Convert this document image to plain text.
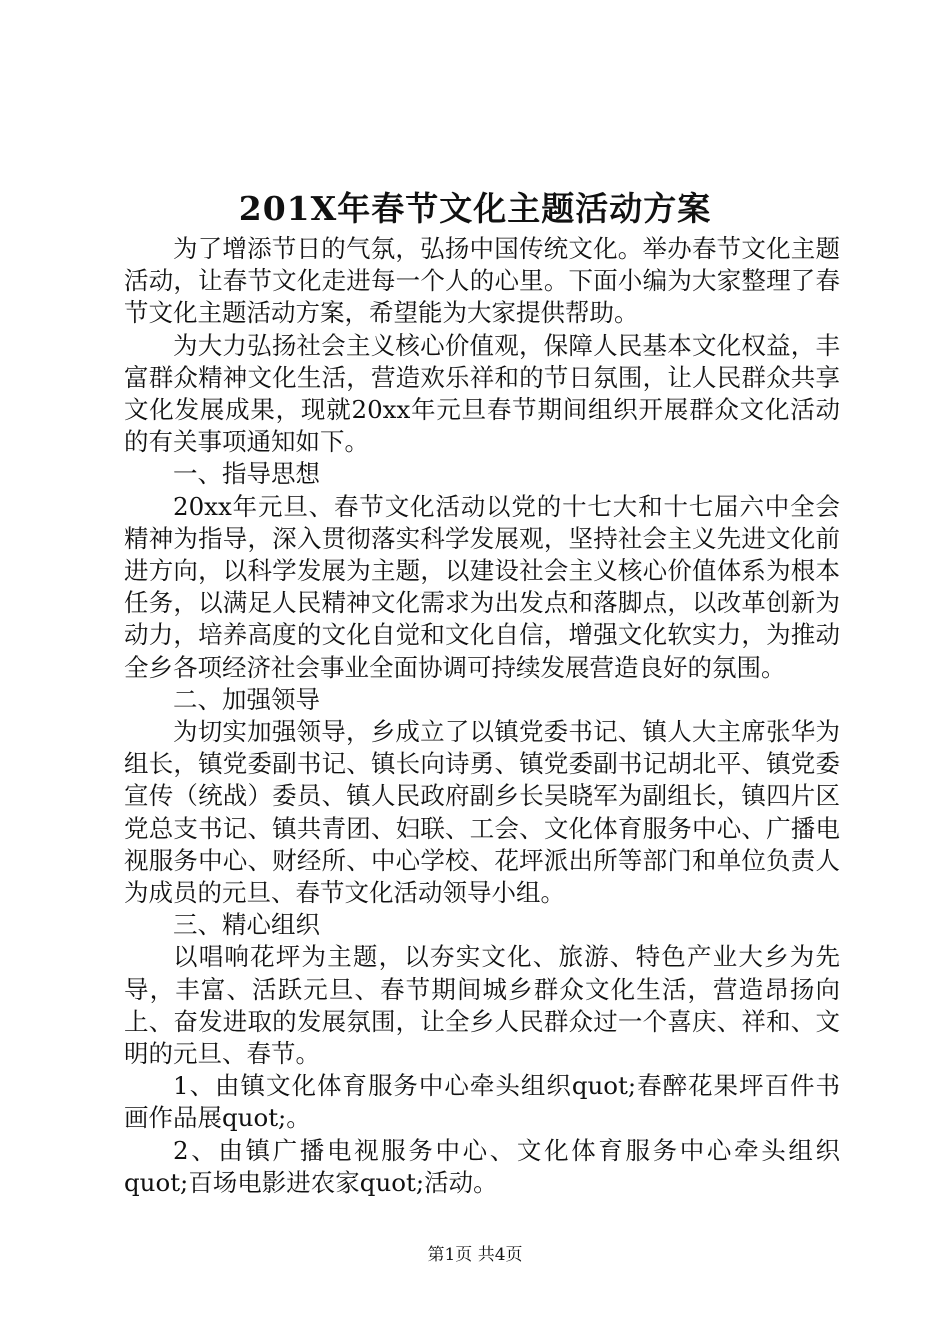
201X年春节文化主题活动方案

为了增添节日的气氛，弘扬中国传统文化。举办春节文化主题活动，让春节文化走进每一个人的心里。下面小编为大家整理了春节文化主题活动方案，希望能为大家提供帮助。

为大力弘扬社会主义核心价值观，保障人民基本文化权益，丰富群众精神文化生活，营造欢乐祥和的节日氛围，让人民群众共享文化发展成果，现就20xx年元旦春节期间组织开展群众文化活动的有关事项通知如下。

一、指导思想

20xx年元旦、春节文化活动以党的十七大和十七届六中全会精神为指导，深入贯彻落实科学发展观，坚持社会主义先进文化前进方向，以科学发展为主题，以建设社会主义核心价值体系为根本任务，以满足人民精神文化需求为出发点和落脚点，以改革创新为动力，培养高度的文化自觉和文化自信，增强文化软实力，为推动全乡各项经济社会事业全面协调可持续发展营造良好的氛围。

二、加强领导

为切实加强领导，乡成立了以镇党委书记、镇人大主席张华为组长，镇党委副书记、镇长向诗勇、镇党委副书记胡北平、镇党委宣传（统战）委员、镇人民政府副乡长吴晓军为副组长，镇四片区党总支书记、镇共青团、妇联、工会、文化体育服务中心、广播电视服务中心、财经所、中心学校、花坪派出所等部门和单位负责人为成员的元旦、春节文化活动领导小组。

三、精心组织

以唱响花坪为主题，以夯实文化、旅游、特色产业大乡为先导，丰富、活跃元旦、春节期间城乡群众文化生活，营造昂扬向上、奋发进取的发展氛围，让全乡人民群众过一个喜庆、祥和、文明的元旦、春节。

1、由镇文化体育服务中心牵头组织quot;春醉花果坪百件书画作品展quot;。

2、由镇广播电视服务中心、文化体育服务中心牵头组织quot;百场电影进农家quot;活动。

第1页 共4页
